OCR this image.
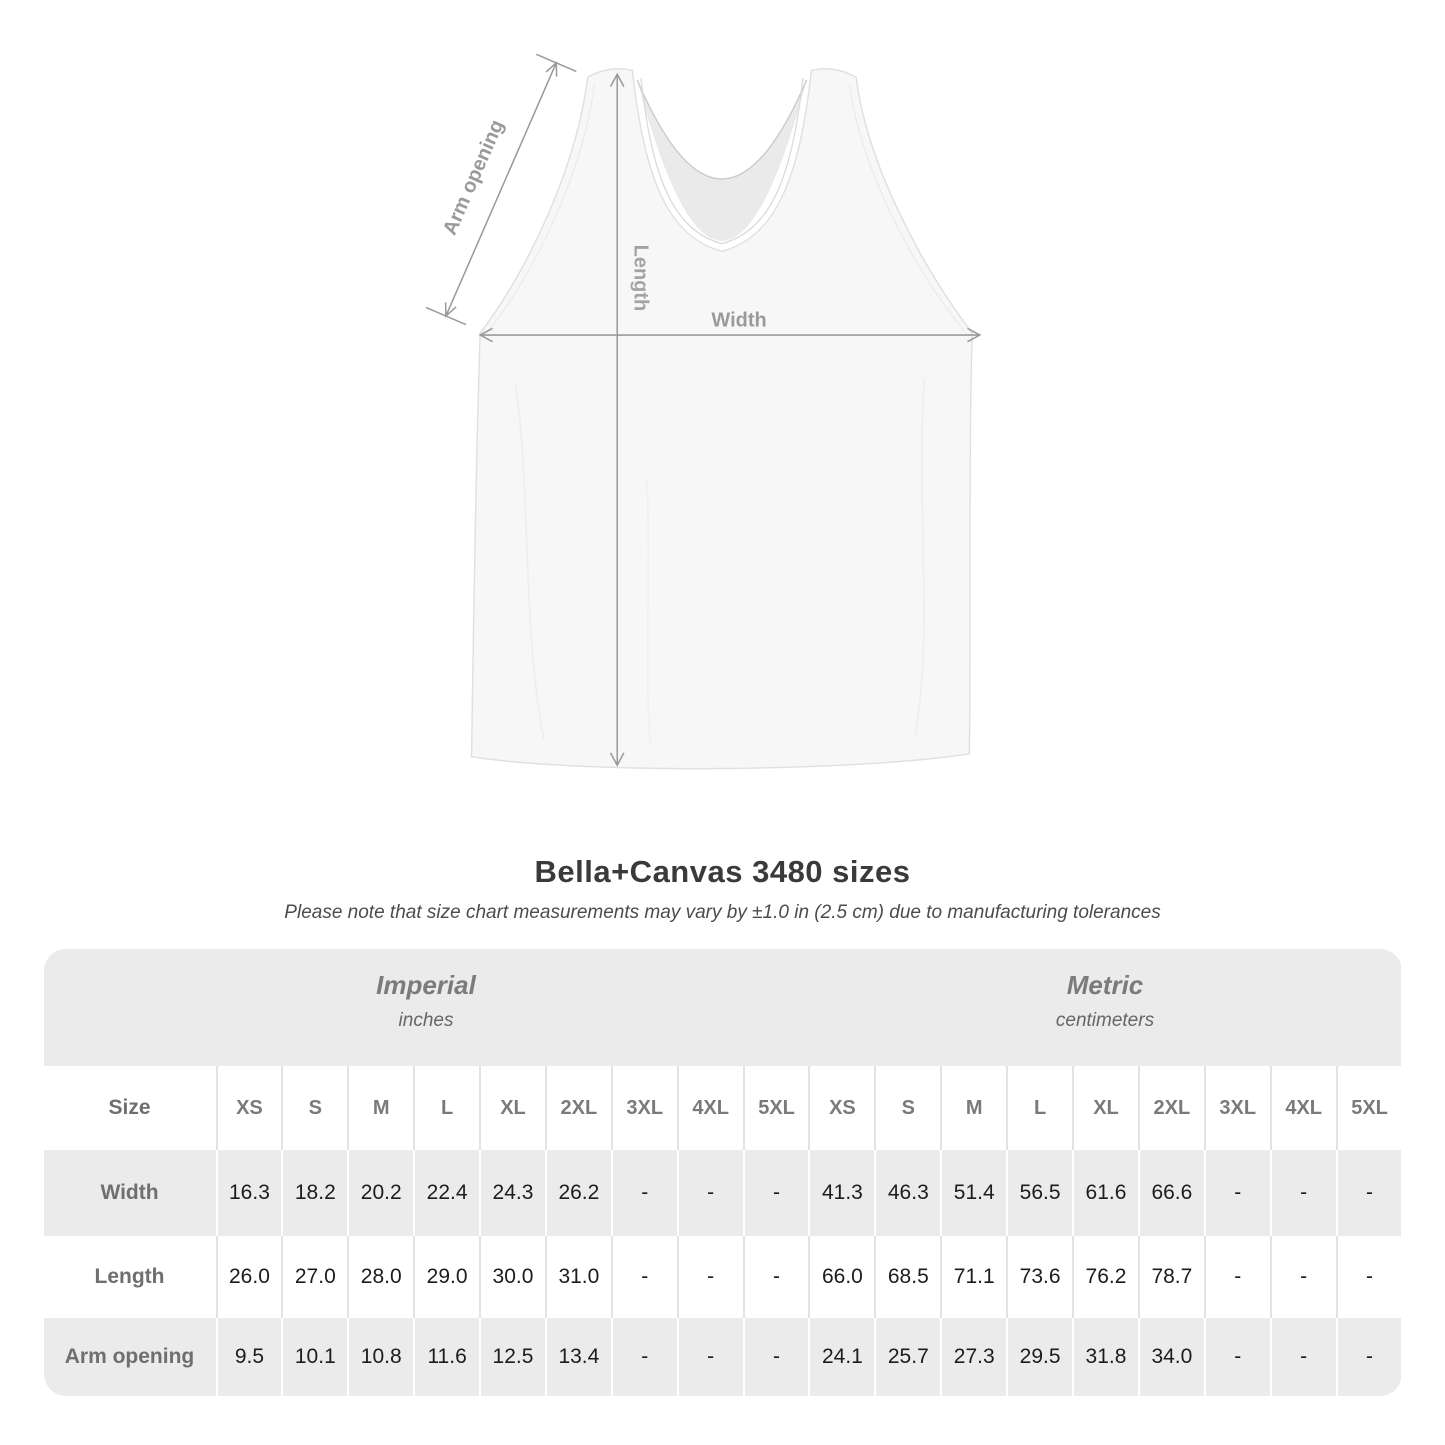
Arm opening
Length
Width
Bella+Canvas 3480 sizes

Please note that size chart measurements may vary by ±1.0 in (2.5 cm) due to manufacturing tolerances

Imperial
inches
Metric
centimeters
Size	XS	S	M	L	XL	2XL	3XL	4XL	5XL	XS	S	M	L	XL	2XL	3XL	4XL	5XL
Width	16.3	18.2	20.2	22.4	24.3	26.2	-	-	-	41.3	46.3	51.4	56.5	61.6	66.6	-	-	-
Length	26.0	27.0	28.0	29.0	30.0	31.0	-	-	-	66.0	68.5	71.1	73.6	76.2	78.7	-	-	-
Arm opening	9.5	10.1	10.8	11.6	12.5	13.4	-	-	-	24.1	25.7	27.3	29.5	31.8	34.0	-	-	-
